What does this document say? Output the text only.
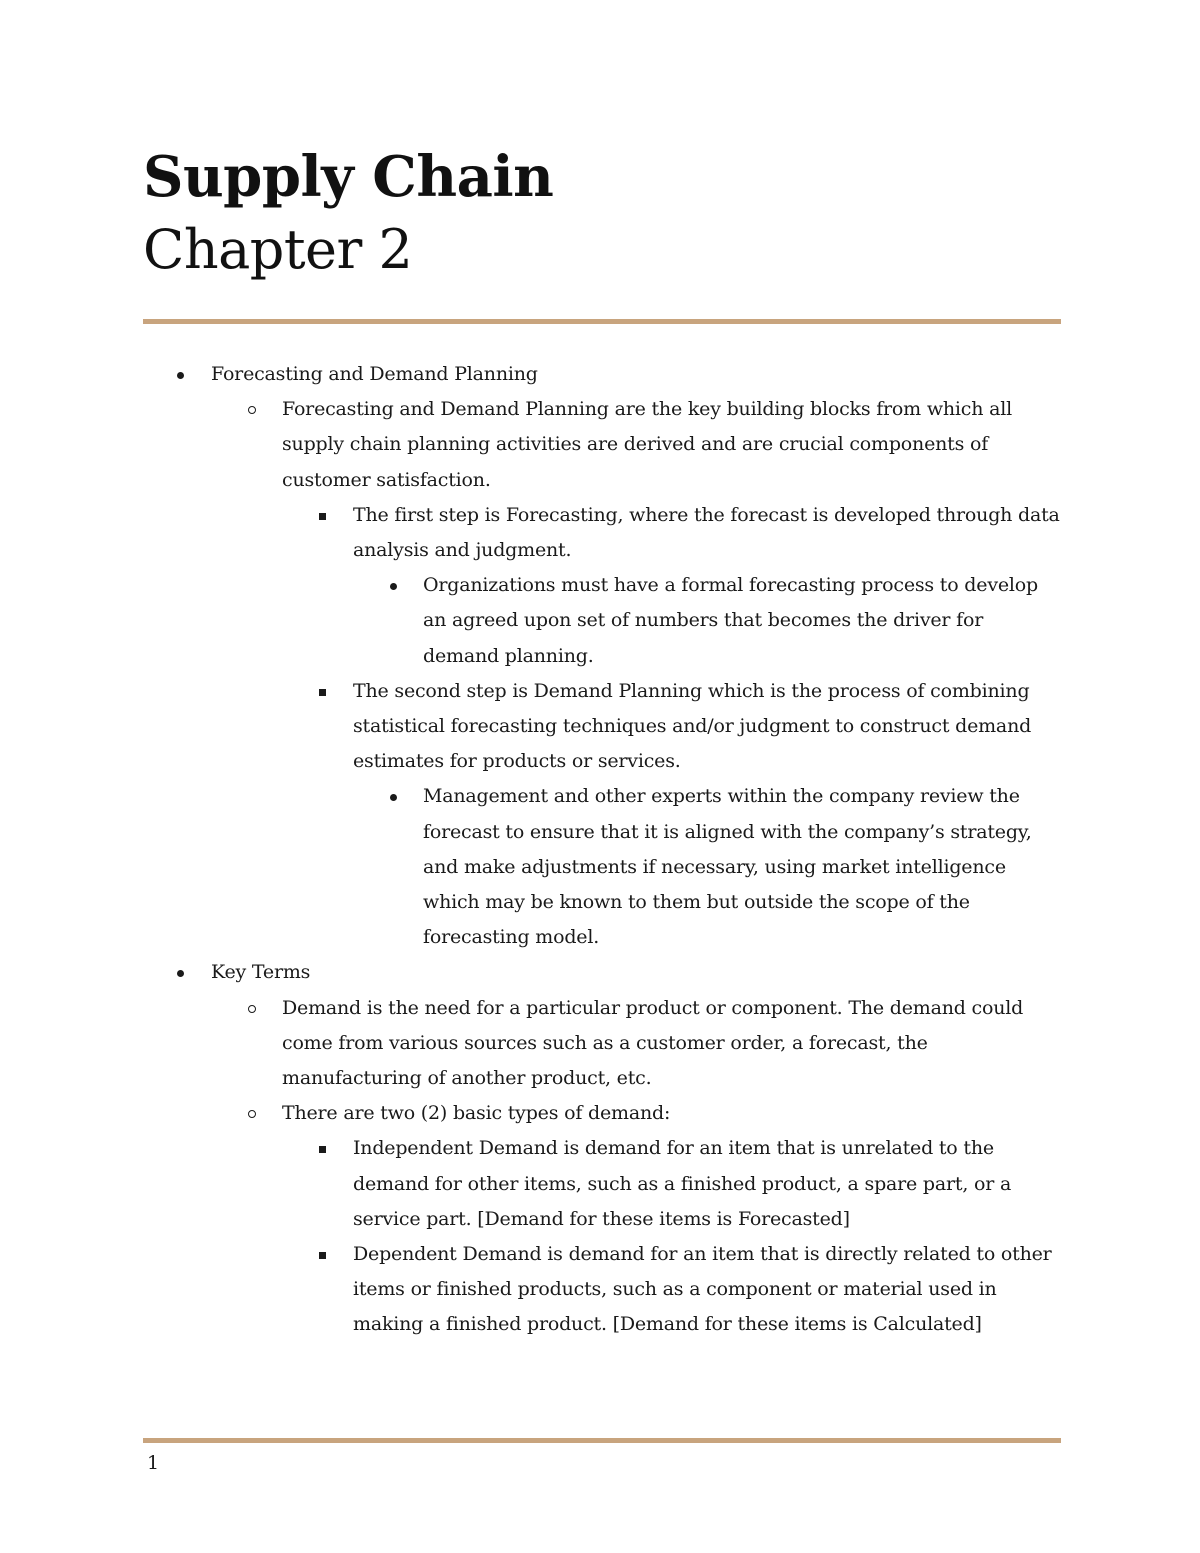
Supply Chain
Chapter 2
Forecasting and Demand Planning
Forecasting and Demand Planning are the key building blocks from which all supply chain planning activities are derived and are crucial components of customer satisfaction.
The first step is Forecasting, where the forecast is developed through data analysis and judgment.
Organizations must have a formal forecasting process to develop an agreed upon set of numbers that becomes the driver for demand planning.
The second step is Demand Planning which is the process of combining statistical forecasting techniques and/or judgment to construct demand estimates for products or services.
Management and other experts within the company review the forecast to ensure that it is aligned with the company’s strategy, and make adjustments if necessary, using market intelligence which may be known to them but outside the scope of the forecasting model.
Key Terms
Demand is the need for a particular product or component. The demand could come from various sources such as a customer order, a forecast, the manufacturing of another product, etc.
There are two (2) basic types of demand:
Independent Demand is demand for an item that is unrelated to the demand for other items, such as a finished product, a spare part, or a service part. [Demand for these items is Forecasted]
Dependent Demand is demand for an item that is directly related to other items or finished products, such as a component or material used in making a finished product. [Demand for these items is Calculated]
1
